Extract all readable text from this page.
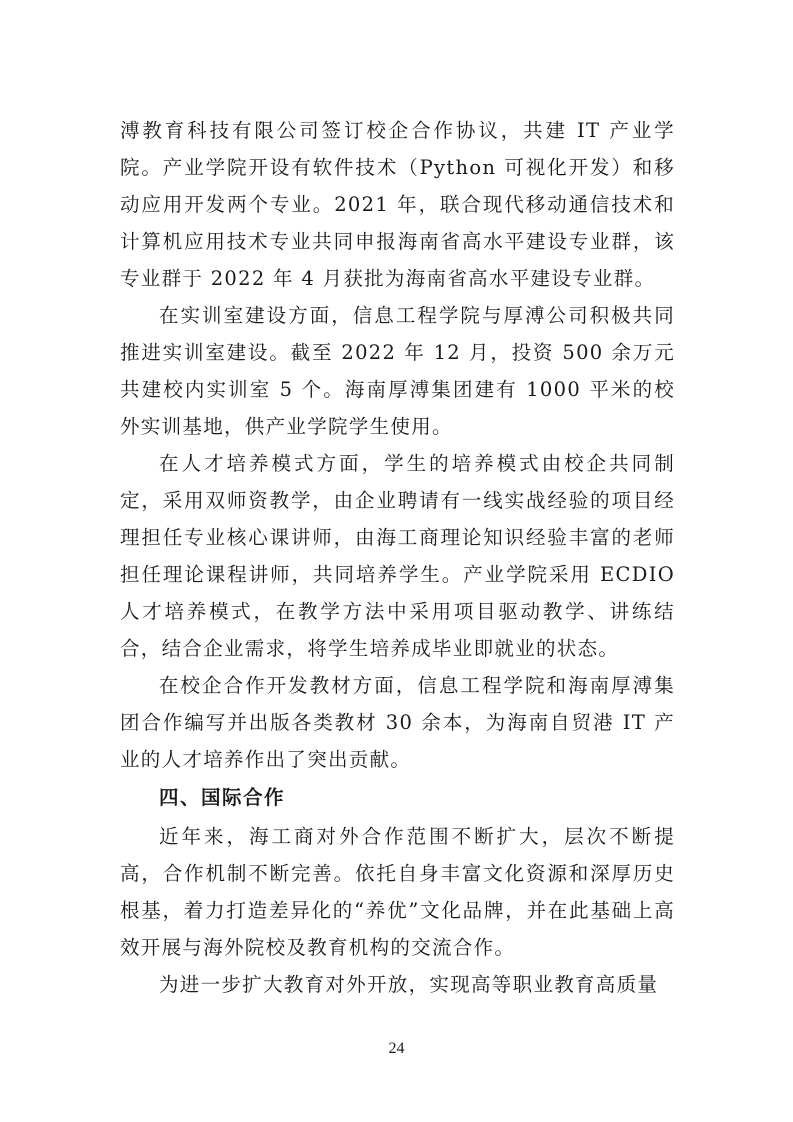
溥教育科技有限公司签订校企合作协议，共建 IT 产业学院。产业学院开设有软件技术（Python 可视化开发）和移动应用开发两个专业。2021 年，联合现代移动通信技术和计算机应用技术专业共同申报海南省高水平建设专业群，该专业群于 2022 年 4 月获批为海南省高水平建设专业群。

在实训室建设方面，信息工程学院与厚溥公司积极共同推进实训室建设。截至 2022 年 12 月，投资 500 余万元共建校内实训室 5 个。海南厚溥集团建有 1000 平米的校外实训基地，供产业学院学生使用。

在人才培养模式方面，学生的培养模式由校企共同制定，采用双师资教学，由企业聘请有一线实战经验的项目经理担任专业核心课讲师，由海工商理论知识经验丰富的老师担任理论课程讲师，共同培养学生。产业学院采用 ECDIO 人才培养模式，在教学方法中采用项目驱动教学、讲练结合，结合企业需求，将学生培养成毕业即就业的状态。

在校企合作开发教材方面，信息工程学院和海南厚溥集团合作编写并出版各类教材 30 余本，为海南自贸港 IT 产业的人才培养作出了突出贡献。

四、国际合作

近年来，海工商对外合作范围不断扩大，层次不断提高，合作机制不断完善。依托自身丰富文化资源和深厚历史根基，着力打造差异化的“养优”文化品牌，并在此基础上高效开展与海外院校及教育机构的交流合作。

为进一步扩大教育对外开放，实现高等职业教育高质量

24
